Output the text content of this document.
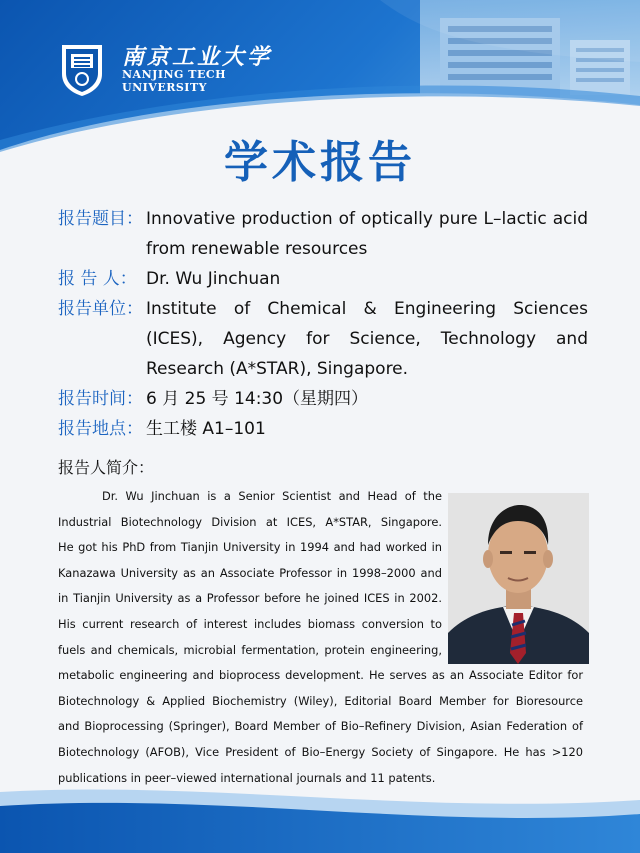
南京工业大学
NANJING TECH
UNIVERSITY
学术报告
报告题目： Innovative production of optically pure L–lactic acid from renewable resources
报 告 人： Dr. Wu Jinchuan
报告单位： Institute of Chemical & Engineering Sciences (ICES), Agency for Science, Technology and Research (A*STAR), Singapore.
报告时间： 6 月 25 号 14:30（星期四）
报告地点： 生工楼 A1–101
报告人简介：
Dr. Wu Jinchuan is a Senior Scientist and Head of the
Industrial Biotechnology Division at ICES, A*STAR, Singapore.
He got his PhD from Tianjin University in 1994 and had worked in
Kanazawa University as an Associate Professor in 1998–2000 and
in Tianjin University as a Professor before he joined ICES in 2002.
His current research of interest includes biomass conversion to
fuels and chemicals, microbial fermentation, protein engineering,
metabolic engineering and bioprocess development. He serves as an Associate Editor for
Biotechnology & Applied Biochemistry (Wiley), Editorial Board Member for Bioresource
and Bioprocessing (Springer), Board Member of Bio–Refinery Division, Asian Federation of
Biotechnology (AFOB), Vice President of Bio–Energy Society of Singapore. He has >120
publications in peer–viewed international journals and 11 patents.
